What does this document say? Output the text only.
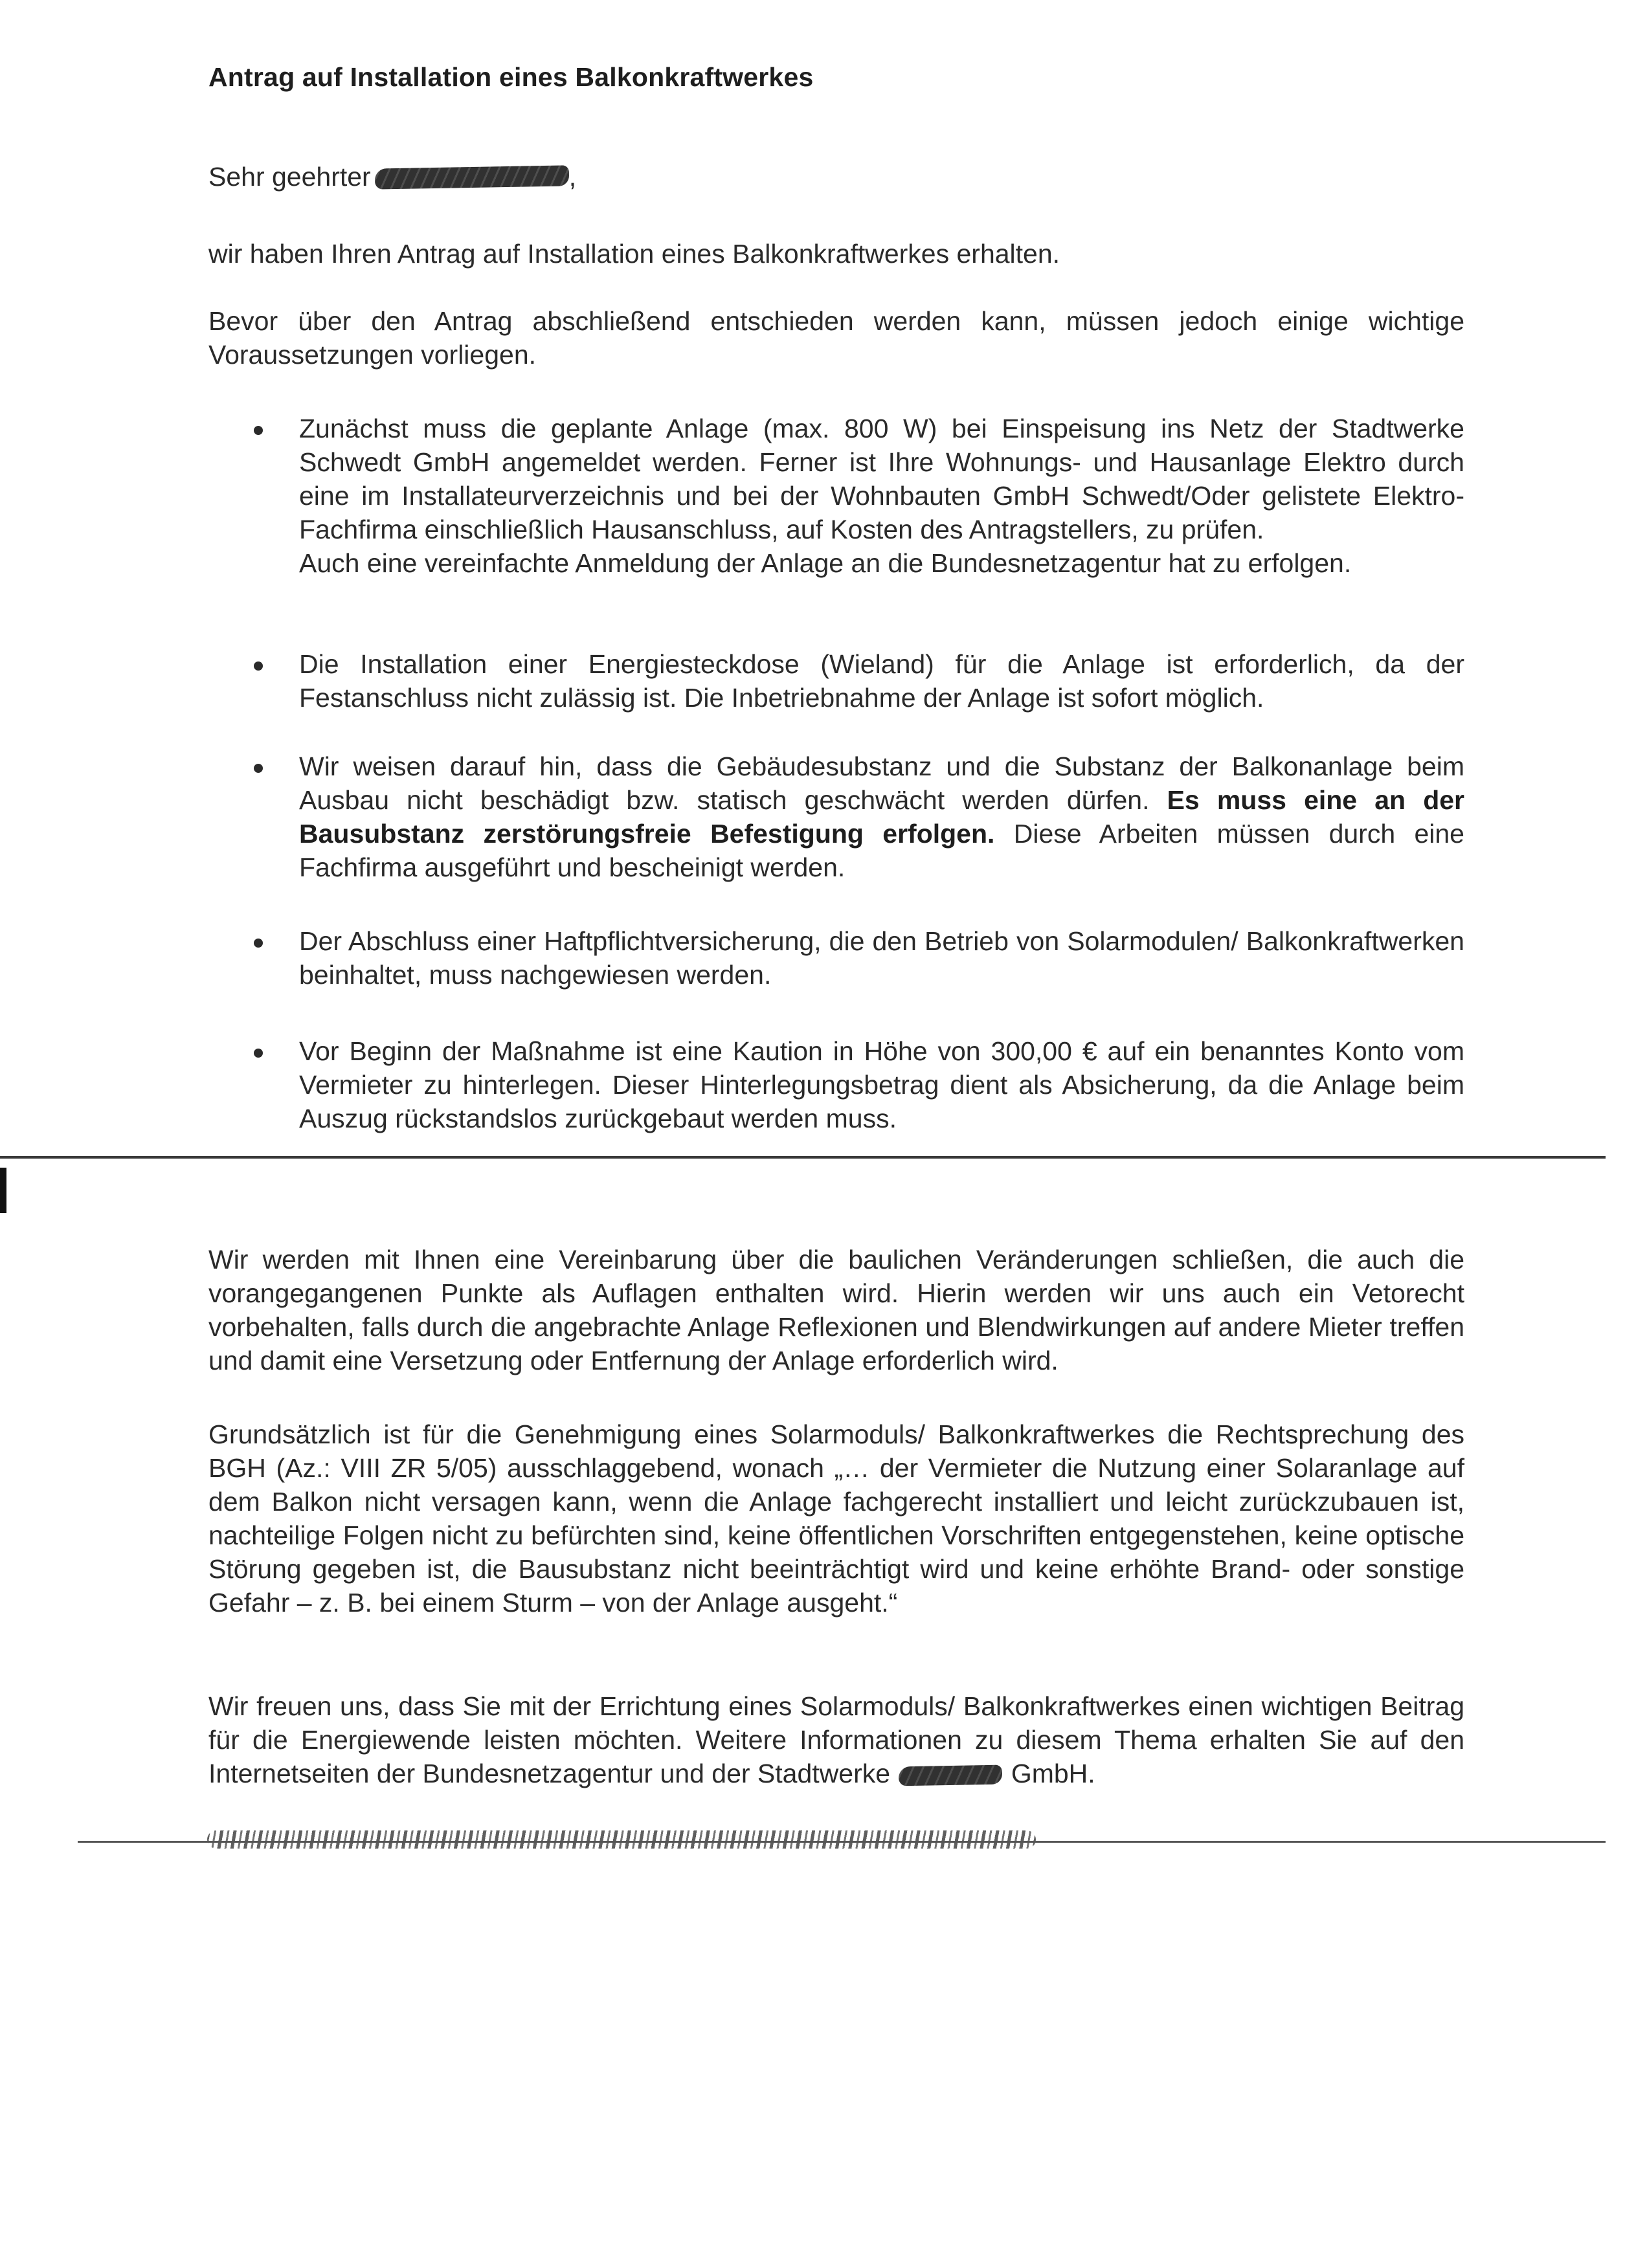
Antrag auf Installation eines Balkonkraftwerkes
Sehr geehrter	,

wir haben Ihren Antrag auf Installation eines Balkonkraftwerkes erhalten.

Bevor über den Antrag abschließend entschieden werden kann, müssen jedoch einige wichtige Voraussetzungen vorliegen.

Zunächst muss die geplante Anlage (max. 800 W) bei Einspeisung ins Netz der Stadtwerke Schwedt GmbH angemeldet werden. Ferner ist Ihre Wohnungs- und Hausanlage Elektro durch eine im Installateurverzeichnis und bei der Wohnbauten GmbH Schwedt/Oder gelistete Elektro-Fachfirma einschließlich Hausanschluss, auf Kosten des Antragstellers, zu prüfen.
Auch eine vereinfachte Anmeldung der Anlage an die Bundesnetzagentur hat zu erfolgen.
Die Installation einer Energiesteckdose (Wieland) für die Anlage ist erforderlich, da der Festanschluss nicht zulässig ist. Die Inbetriebnahme der Anlage ist sofort möglich.
Wir weisen darauf hin, dass die Gebäudesubstanz und die Substanz der Balkonanlage beim Ausbau nicht beschädigt bzw. statisch geschwächt werden dürfen. Es muss eine an der Bausubstanz zerstörungsfreie Befestigung erfolgen. Diese Arbeiten müssen durch eine Fachfirma ausgeführt und bescheinigt werden.
Der Abschluss einer Haftpflichtversicherung, die den Betrieb von Solarmodulen/ Balkonkraftwerken beinhaltet, muss nachgewiesen werden.
Vor Beginn der Maßnahme ist eine Kaution in Höhe von 300,00 € auf ein benanntes Konto vom Vermieter zu hinterlegen. Dieser Hinterlegungsbetrag dient als Absicherung, da die Anlage beim Auszug rückstandslos zurückgebaut werden muss.

Wir werden mit Ihnen eine Vereinbarung über die baulichen Veränderungen schließen, die auch die vorangegangenen Punkte als Auflagen enthalten wird. Hierin werden wir uns auch ein Vetorecht vorbehalten, falls durch die angebrachte Anlage Reflexionen und Blendwirkungen auf andere Mieter treffen und damit eine Versetzung oder Entfernung der Anlage erforderlich wird.

Grundsätzlich ist für die Genehmigung eines Solarmoduls/ Balkonkraftwerkes die Rechtsprechung des BGH (Az.: VIII ZR 5/05) ausschlaggebend, wonach „… der Vermieter die Nutzung einer Solaranlage auf dem Balkon nicht versagen kann, wenn die Anlage fachgerecht installiert und leicht zurückzubauen ist, nachteilige Folgen nicht zu befürchten sind, keine öffentlichen Vorschriften entgegenstehen, keine optische Störung gegeben ist, die Bausubstanz nicht beeinträchtigt wird und keine erhöhte Brand- oder sonstige Gefahr – z. B. bei einem Sturm – von der Anlage ausgeht.“

Wir freuen uns, dass Sie mit der Errichtung eines Solarmoduls/ Balkonkraftwerkes einen wichtigen Beitrag für die Energiewende leisten möchten. Weitere Informationen zu diesem Thema erhalten Sie auf den Internetseiten der Bundesnetzagentur und der Stadtwerke	GmbH.
